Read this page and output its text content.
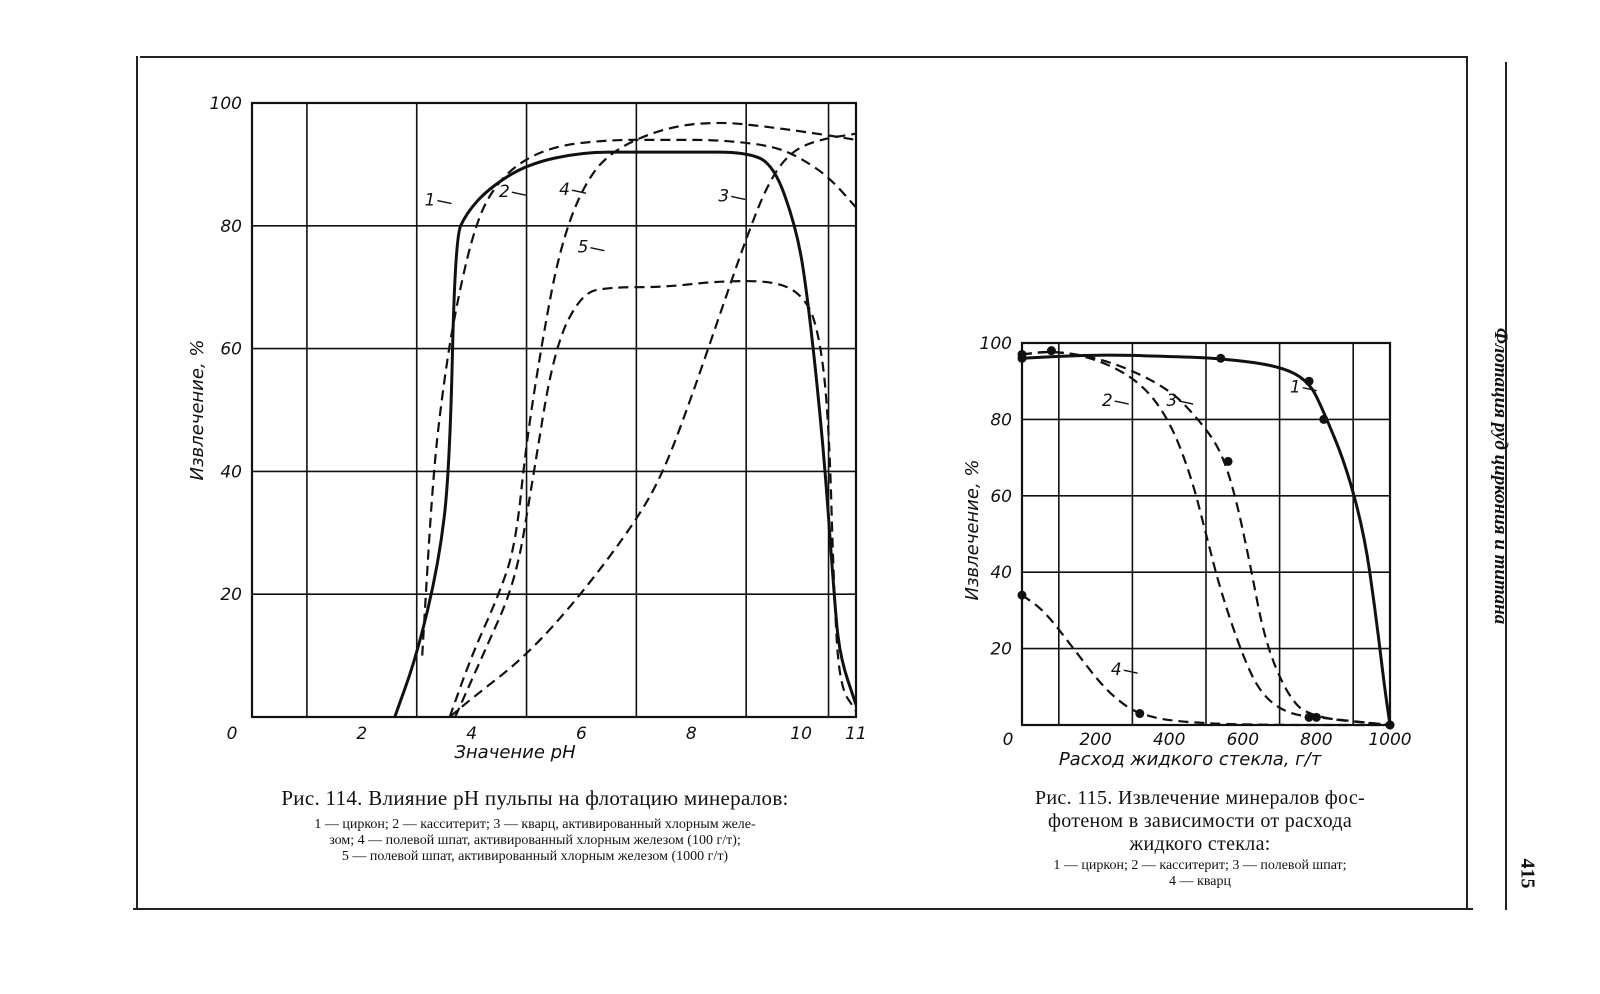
20
40
60
80
100
0	2	4	6	8	10 11
Значение pH
Извлечение, %
1	2	3
4
5
20
40
60
80
100
0	200 400 600 800 1000
Расход жидкого стекла, г/т
Извлечение, %
1
2	3
4
Рис. 114. Влияние pH пульпы на флотацию минералов:
1 — циркон; 2 — касситерит; 3 — кварц, активированный хлорным желе-
зом; 4 — полевой шпат, активированный хлорным железом (100 г/т);
5 — полевой шпат, активированный хлорным железом (1000 г/т)
Рис. 115. Извлечение минералов фос-
фотеном в зависимости от расхода
жидкого стекла:
1 — циркон; 2 — касситерит; 3 — полевой шпат;
4 — кварц
Флотация руд циркония и титана
415
